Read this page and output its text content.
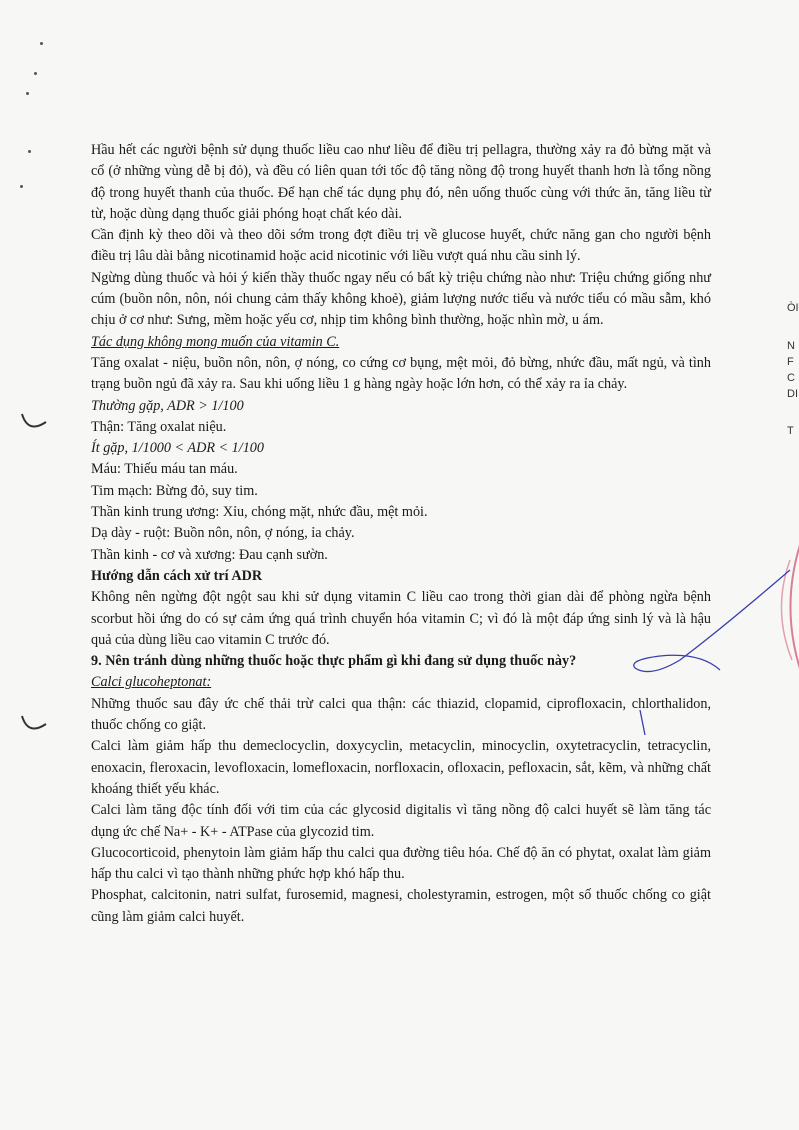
ÒI
N
F
C
DI
T

Hầu hết các người bệnh sử dụng thuốc liều cao như liều để điều trị pellagra, thường xảy ra đỏ bừng mặt và cổ (ở những vùng dễ bị đỏ), và đều có liên quan tới tốc độ tăng nồng độ trong huyết thanh hơn là tổng nồng độ trong huyết thanh của thuốc. Để hạn chế tác dụng phụ đó, nên uống thuốc cùng với thức ăn, tăng liều từ từ, hoặc dùng dạng thuốc giải phóng hoạt chất kéo dài.

Cần định kỳ theo dõi và theo dõi sớm trong đợt điều trị về glucose huyết, chức năng gan cho người bệnh điều trị lâu dài bằng nicotinamid hoặc acid nicotinic với liều vượt quá nhu cầu sinh lý.

Ngừng dùng thuốc và hỏi ý kiến thầy thuốc ngay nếu có bất kỳ triệu chứng nào như: Triệu chứng giống như cúm (buồn nôn, nôn, nói chung cảm thấy không khoẻ), giảm lượng nước tiểu và nước tiểu có mầu sẫm, khó chịu ở cơ như: Sưng, mềm hoặc yếu cơ, nhịp tim không bình thường, hoặc nhìn mờ, u ám.

Tác dụng không mong muốn của vitamin C.

Tăng oxalat - niệu, buồn nôn, nôn, ợ nóng, co cứng cơ bụng, mệt mỏi, đỏ bừng, nhức đầu, mất ngủ, và tình trạng buồn ngủ đã xảy ra. Sau khi uống liều 1 g hàng ngày hoặc lớn hơn, có thể xảy ra ỉa chảy.

Thường gặp, ADR > 1/100

Thận: Tăng oxalat niệu.

Ít gặp, 1/1000 < ADR < 1/100

Máu: Thiếu máu tan máu.

Tim mạch: Bừng đỏ, suy tim.

Thần kinh trung ương: Xỉu, chóng mặt, nhức đầu, mệt mỏi.

Dạ dày - ruột: Buồn nôn, nôn, ợ nóng, ỉa chảy.

Thần kinh - cơ và xương: Đau cạnh sườn.

Hướng dẫn cách xử trí ADR

Không nên ngừng đột ngột sau khi sử dụng vitamin C liều cao trong thời gian dài để phòng ngừa bệnh scorbut hồi ứng do có sự cảm ứng quá trình chuyển hóa vitamin C; vì đó là một đáp ứng sinh lý và là hậu quả của dùng liều cao vitamin C trước đó.

9. Nên tránh dùng những thuốc hoặc thực phẩm gì khi đang sử dụng thuốc này?

Calci glucoheptonat:

Những thuốc sau đây ức chế thải trừ calci qua thận: các thiazid, clopamid, ciprofloxacin, chlorthalidon, thuốc chống co giật.

Calci làm giảm hấp thu demeclocyclin, doxycyclin, metacyclin, minocyclin, oxytetracyclin, tetracyclin, enoxacin, fleroxacin, levofloxacin, lomefloxacin, norfloxacin, ofloxacin, pefloxacin, sắt, kẽm, và những chất khoáng thiết yếu khác.

Calci làm tăng độc tính đối với tim của các glycosid digitalis vì tăng nồng độ calci huyết sẽ làm tăng tác dụng ức chế Na+ - K+ - ATPase của glycozid tim.

Glucocorticoid, phenytoin làm giảm hấp thu calci qua đường tiêu hóa. Chế độ ăn có phytat, oxalat làm giảm hấp thu calci vì tạo thành những phức hợp khó hấp thu.

Phosphat, calcitonin, natri sulfat, furosemid, magnesi, cholestyramin, estrogen, một số thuốc chống co giật cũng làm giảm calci huyết.
